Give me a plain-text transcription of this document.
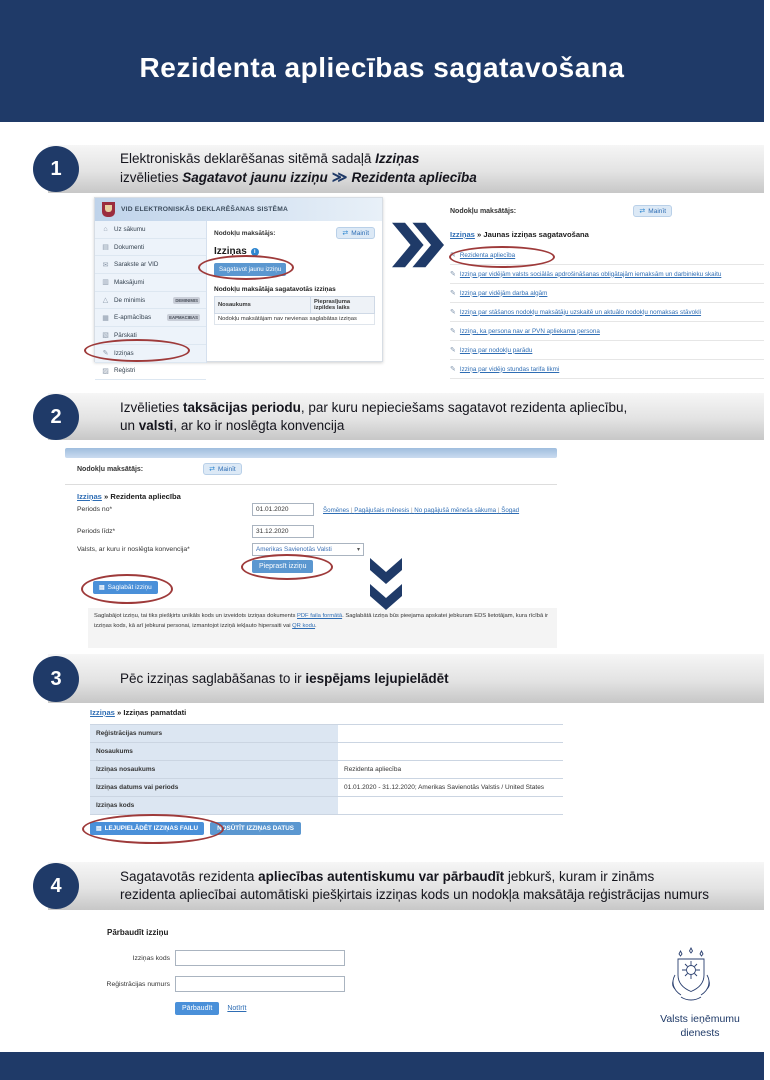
Rezidenta apliecības sagatavošana
Elektroniskās deklarēšanas sitēmā sadaļā Izziņas
izvēlieties Sagatavot jaunu izziņu ≫ Rezidenta apliecība
1
VID ELEKTRONISKĀS DEKLARĒŠANAS SISTĒMA
⌂	Uz sākumu
▤ Dokumenti
✉ Sarakste ar VID
▥ Maksājumi
△ De minimis	DEMINIMIS
▦ E-apmācības	EAPMACIBAS
▧ Pārskati
✎ Izziņas
▨ Reģistri
Nodokļu maksātājs:	⇄ Mainīt
Izziņas	i
Sagatavot jaunu izziņu
Nodokļu maksātāja sagatavotās izziņas
Nosaukums	Pieprasījuma izpildes laiks
Nodokļu maksātājam nav nevienas saglabātas izziņas
Nodokļu maksātājs:	⇄ Mainīt
Izziņas » Jaunas izziņas sagatavošana
✎ Rezidenta apliecība
✎ Izziņa par vidējām valsts sociālās apdrošināšanas obligātajām iemaksām un darbinieku skaitu
✎ Izziņa par vidējām darba algām
✎ Izziņa par stāšanos nodokļu maksātāju uzskaitē un aktuālo nodokļu nomaksas stāvokli
✎ Izziņa, ka persona nav ar PVN apliekama persona
✎ Izziņa par nodokļu parādu
✎ Izziņa par vidējo stundas tarifa likmi
Izvēlieties taksācijas periodu, par kuru nepieciešams sagatavot rezidenta apliecību,
un valsti, ar ko ir noslēgta konvencija
2
Nodokļu maksātājs:	⇄ Mainīt
Izziņas » Rezidenta apliecība
Periods no*
01.01.2020	Šomēnes | Pagājušais mēnesis | No pagājušā mēneša sākuma | Šogad
Periods līdz*
31.12.2020
Valsts, ar kuru ir noslēgta konvencija*	Amerikas Savienotās Valsti	▾
Pieprasīt izziņu
▤ Saglabāt izziņu
Saglabājot izziņu, tai tiks piešķirts unikāls kods un izveidots izziņas dokuments PDF faila formātā. Saglabātā izziņa būs pieejama apskatei jebkuram EDS lietotājam, kura rīcībā ir izziņas kods, kā arī jebkurai personai, izmantojot izziņā iekļauto hipersaiti vai QR kodu.
Pēc izziņas saglabāšanas to ir iespējams lejupielādēt
3
Izziņas » Izziņas pamatdati
Reģistrācijas numurs	
Nosaukums	
Izziņas nosaukums	Rezidenta apliecība
Izziņas datums vai periods	01.01.2020 - 31.12.2020; Amerikas Savienotās Valstis / United States
Izziņas kods	
▤ LEJUPIELĀDĒT IZZIŅAS FAILU	NOSŪTĪT IZZIŅAS DATUS
Sagatavotās rezidenta apliecības autentiskumu var pārbaudīt jebkurš, kuram ir zināms
rezidenta apliecībai automātiski piešķirtais izziņas kods un nodokļa maksātāja reģistrācijas numurs
4
Pārbaudīt izziņu
Izziņas kods
Reģistrācijas numurs
Pārbaudīt	Notīrīt
Valsts ieņēmumu
dienests
